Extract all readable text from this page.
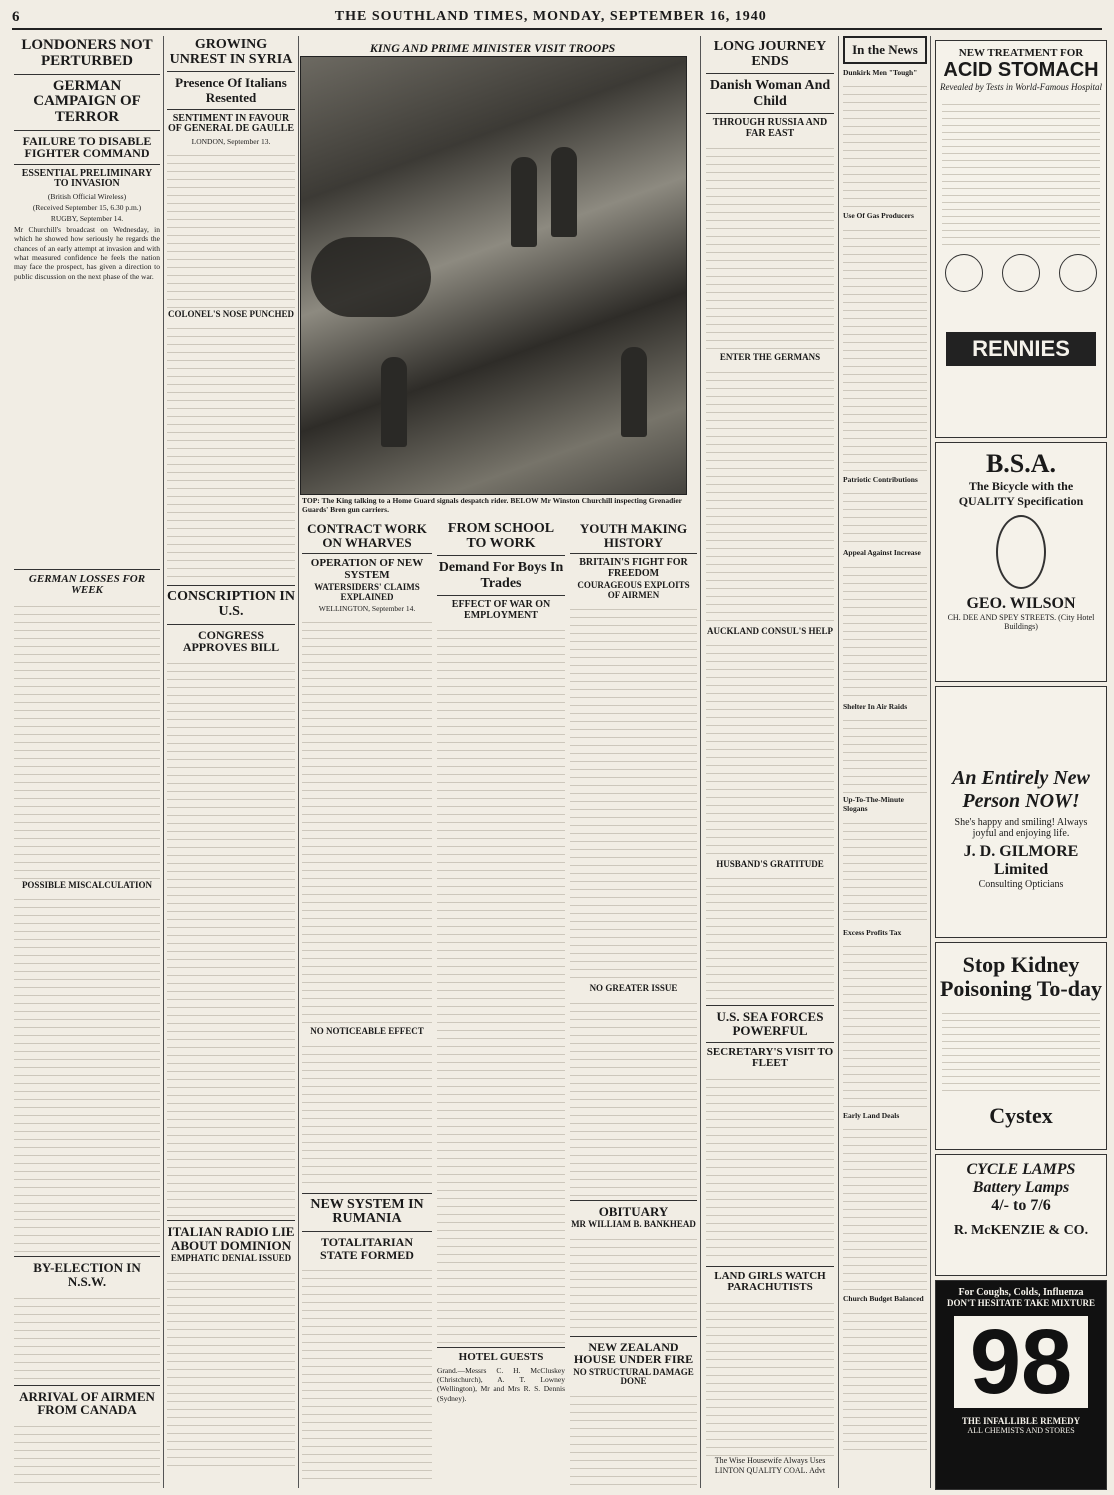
6	THE SOUTHLAND TIMES, MONDAY, SEPTEMBER 16, 1940
LONDONERS NOT PERTURBED
GERMAN CAMPAIGN OF TERROR
FAILURE TO DISABLE FIGHTER COMMAND
ESSENTIAL PRELIMINARY TO INVASION
(British Official Wireless)
(Received September 15, 6.30 p.m.)
RUGBY, September 14.

Mr Churchill's broadcast on Wednesday, in which he showed how seriously he regards the chances of an early attempt at invasion and with what measured confidence he feels the nation may face the prospect, has given a direction to public discussion on the next phase of the war.

GERMAN LOSSES FOR WEEK
POSSIBLE MISCALCULATION
BY-ELECTION IN N.S.W.
ARRIVAL OF AIRMEN FROM CANADA
GROWING UNREST IN SYRIA
Presence Of Italians Resented
SENTIMENT IN FAVOUR OF GENERAL DE GAULLE
LONDON, September 13.
COLONEL'S NOSE PUNCHED
CONSCRIPTION IN U.S.
CONGRESS APPROVES BILL
ITALIAN RADIO LIE ABOUT DOMINION
EMPHATIC DENIAL ISSUED
KING AND PRIME MINISTER VISIT TROOPS
TOP: The King talking to a Home Guard signals despatch rider. BELOW Mr Winston Churchill inspecting Grenadier Guards' Bren gun carriers.
CONTRACT WORK ON WHARVES
OPERATION OF NEW SYSTEM
WATERSIDERS' CLAIMS EXPLAINED
WELLINGTON, September 14.
NO NOTICEABLE EFFECT
NEW SYSTEM IN RUMANIA
TOTALITARIAN STATE FORMED
FROM SCHOOL TO WORK
Demand For Boys In Trades
EFFECT OF WAR ON EMPLOYMENT
HOTEL GUESTS
Grand.—Messrs C. H. McCluskey (Christchurch), A. T. Lowney (Wellington), Mr and Mrs R. S. Dennis (Sydney).
YOUTH MAKING HISTORY
BRITAIN'S FIGHT FOR FREEDOM
COURAGEOUS EXPLOITS OF AIRMEN
NO GREATER ISSUE
OBITUARY
MR WILLIAM B. BANKHEAD
NEW ZEALAND HOUSE UNDER FIRE
NO STRUCTURAL DAMAGE DONE
LONG JOURNEY ENDS
Danish Woman And Child
THROUGH RUSSIA AND FAR EAST
ENTER THE GERMANS
AUCKLAND CONSUL'S HELP
HUSBAND'S GRATITUDE
U.S. SEA FORCES POWERFUL
SECRETARY'S VISIT TO FLEET
LAND GIRLS WATCH PARACHUTISTS
The Wise Housewife Always Uses LINTON QUALITY COAL. Advt
In the News
Dunkirk Men "Tough"
Use Of Gas Producers
Patriotic Contributions
Appeal Against Increase
Shelter In Air Raids
Up-To-The-Minute Slogans
Excess Profits Tax
Early Land Deals
Church Budget Balanced
NEW TREATMENT FOR
ACID STOMACH
Revealed by Tests in World-Famous Hospital
RENNIES
B.S.A.
The Bicycle with the QUALITY Specification
GEO. WILSON
CH. DEE AND SPEY STREETS. (City Hotel Buildings)
An Entirely New Person NOW!
She's happy and smiling! Always joyful and enjoying life.
J. D. GILMORE Limited
Consulting Opticians
Stop Kidney Poisoning To-day
Cystex
CYCLE LAMPS
Battery Lamps
4/- to 7/6
R. McKENZIE & CO.
For Coughs, Colds, Influenza
DON'T HESITATE TAKE MIXTURE
98
THE INFALLIBLE REMEDY
ALL CHEMISTS AND STORES
